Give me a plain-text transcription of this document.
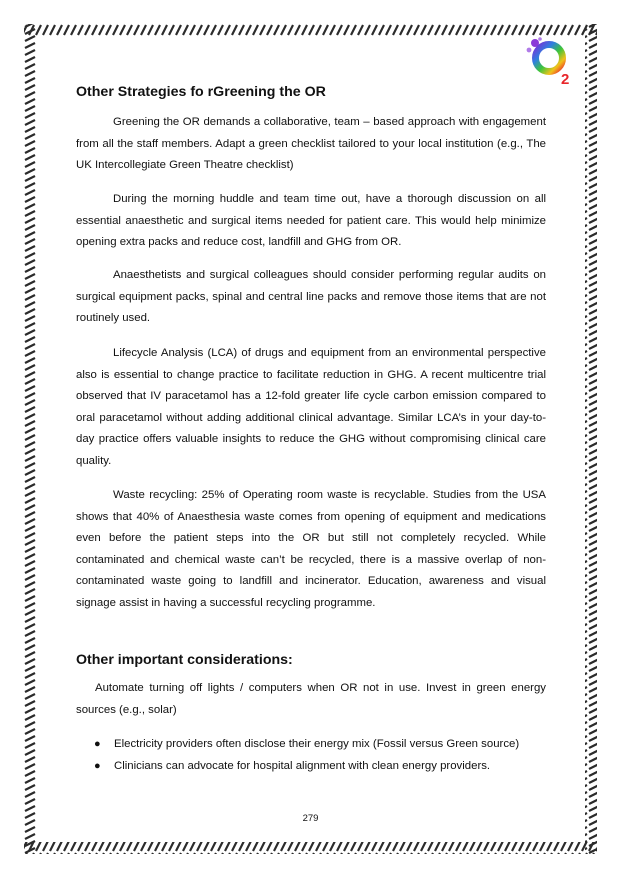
2
Other Strategies fo rGreening the OR

Greening the OR demands a collaborative, team – based approach with engagement from all the staff members. Adapt a green checklist tailored to your local institution (e.g., The UK Intercollegiate Green Theatre checklist)

During the morning huddle and team time out, have a thorough discussion on all essential anaesthetic and surgical items needed for patient care. This would help minimize opening extra packs and reduce cost, landfill and GHG from OR.

Anaesthetists and surgical colleagues should consider performing regular audits on surgical equipment packs, spinal and central line packs and remove those items that are not routinely used.

Lifecycle Analysis (LCA) of drugs and equipment from an environmental perspective also is essential to change practice to facilitate reduction in GHG. A recent multicentre trial observed that IV paracetamol has a 12-fold greater life cycle carbon emission compared to oral paracetamol without adding additional clinical advantage. Similar LCA’s in your day-to-day practice offers valuable insights to reduce the GHG without compromising clinical care quality.

Waste recycling: 25% of Operating room waste is recyclable. Studies from the USA shows that 40% of Anaesthesia waste comes from opening of equipment and medications even before the patient steps into the OR but still not completely recycled. While contaminated and chemical waste can’t be recycled, there is a massive overlap of non-contaminated waste going to landfill and incinerator. Education, awareness and visual signage assist in having a successful recycling programme.

Other important considerations:

Automate turning off lights / computers when OR not in use. Invest in green energy sources (e.g., solar)

● Electricity providers often disclose their energy mix (Fossil versus Green source)
● Clinicians can advocate for hospital alignment with clean energy providers.
279
